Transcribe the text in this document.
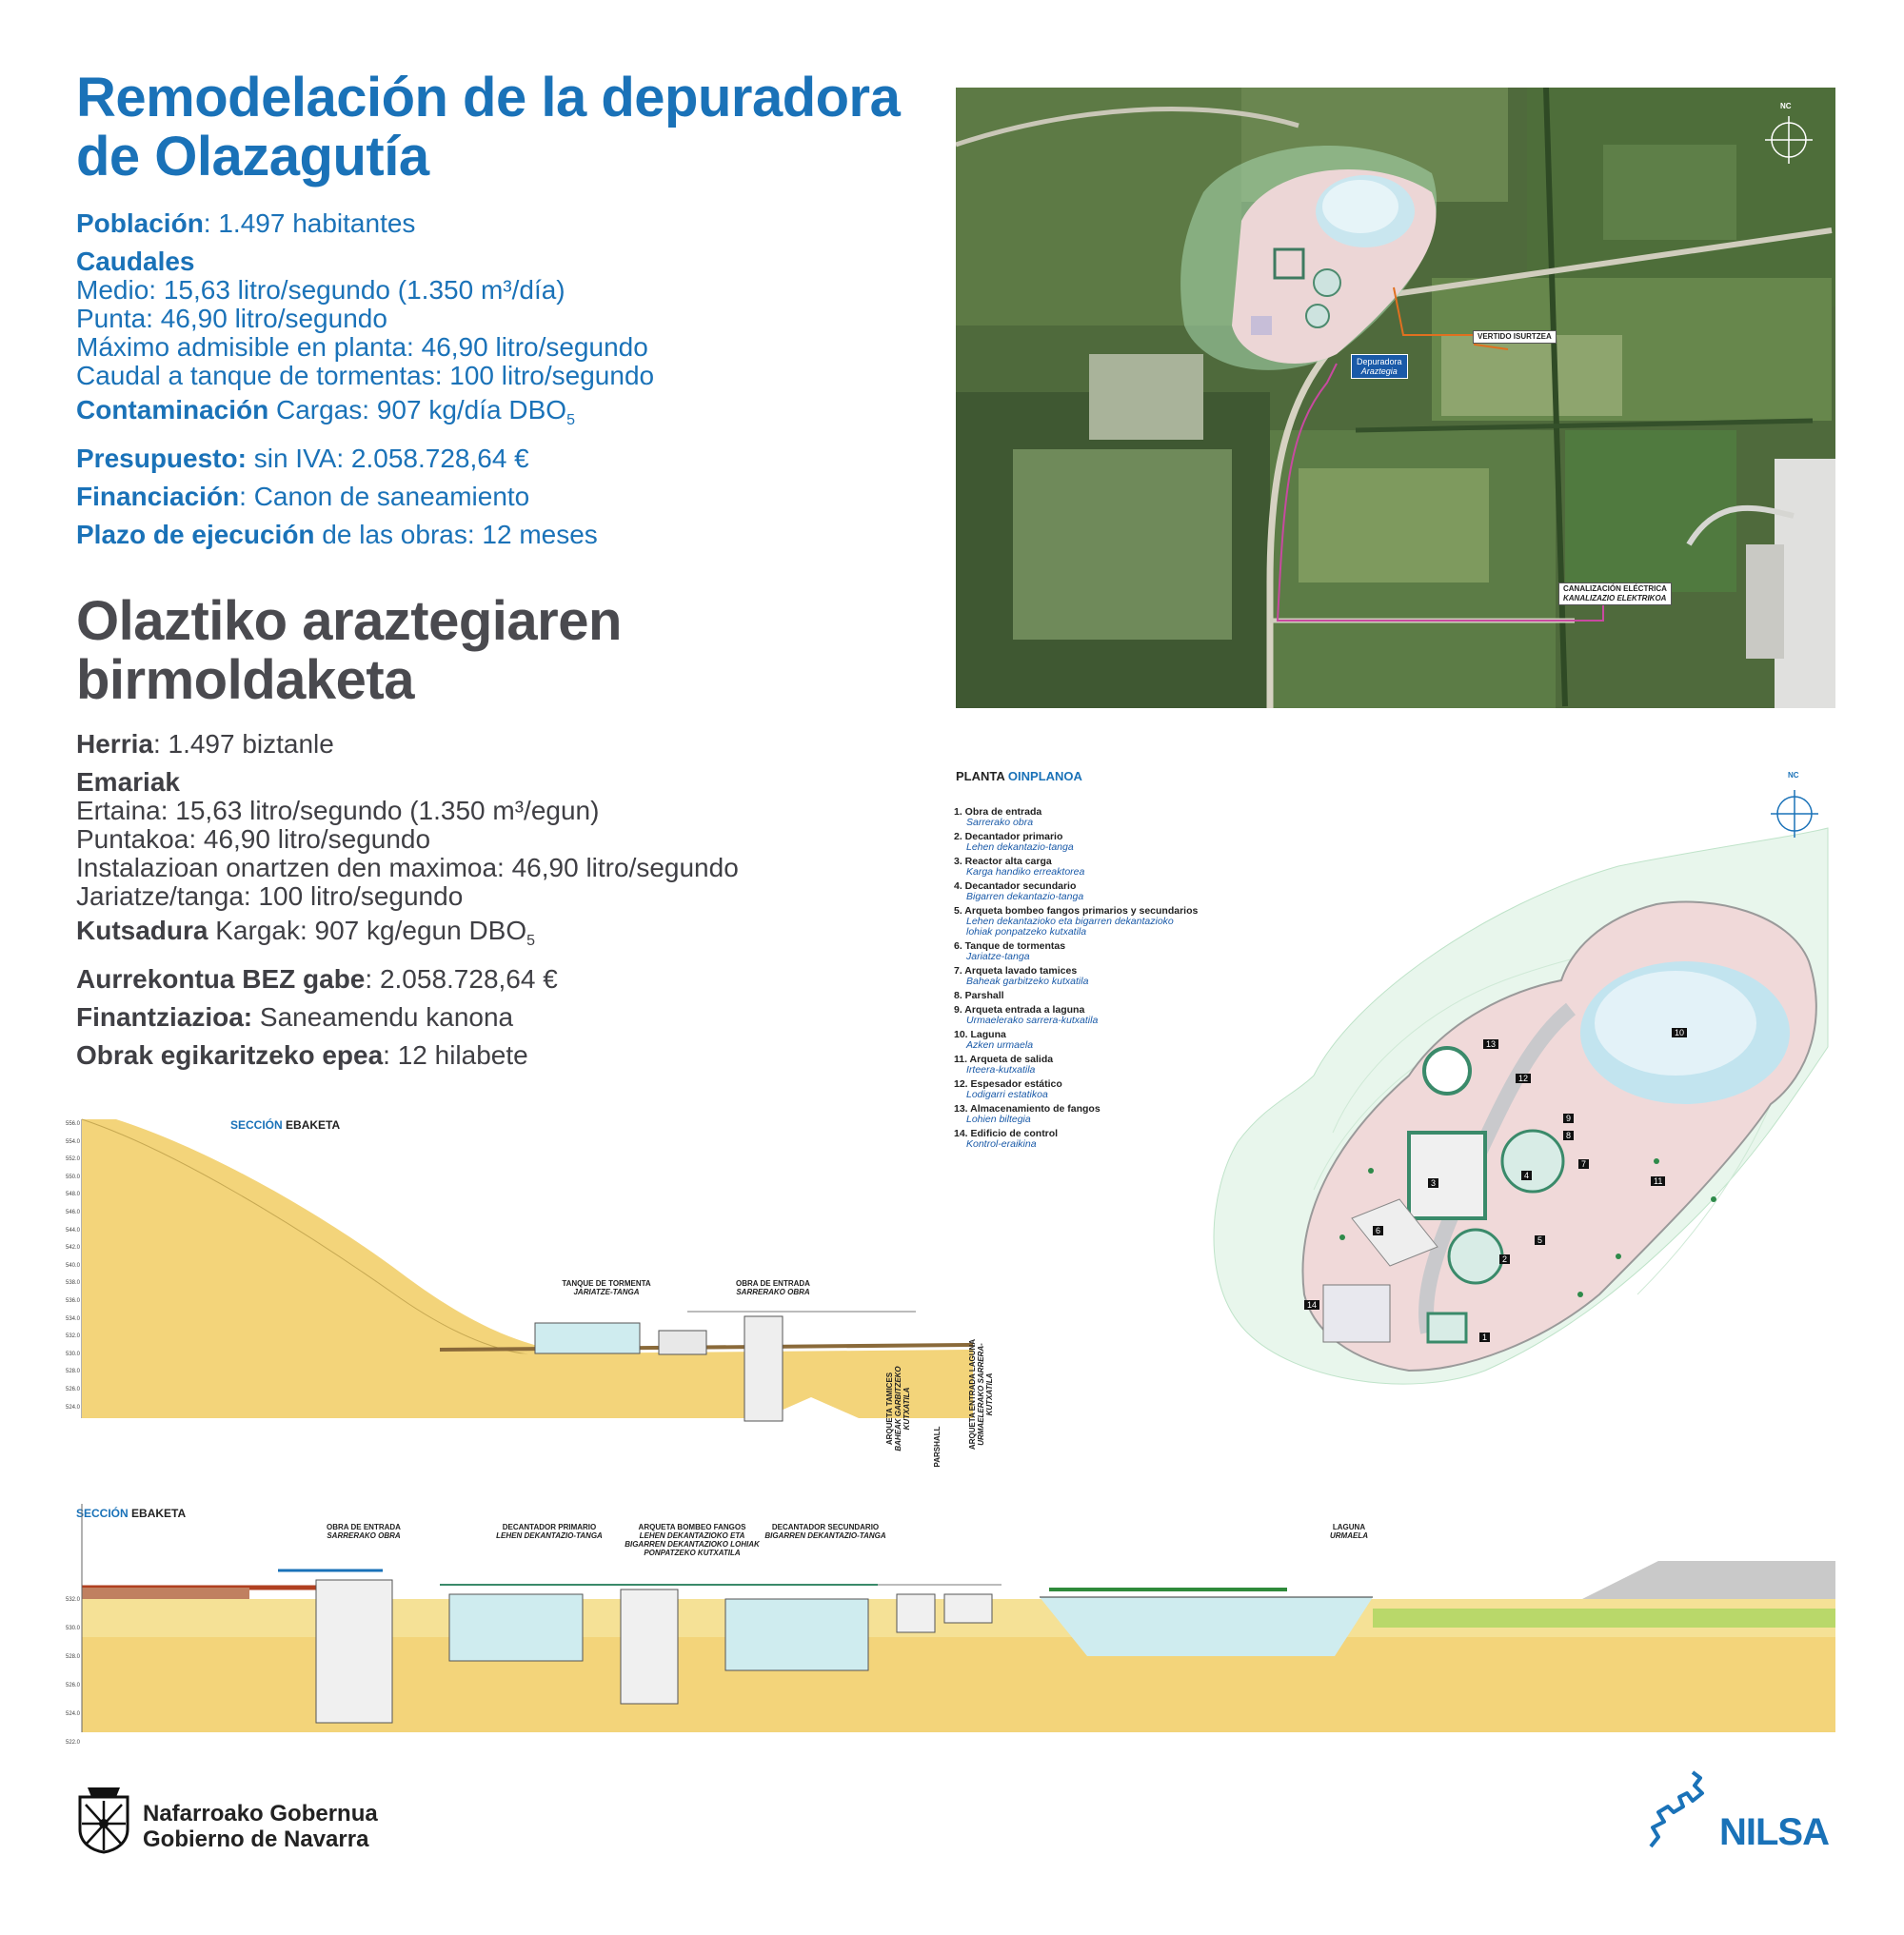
Remodelación de la depuradora de Olazagutía
Población: 1.497 habitantes
Caudales
Medio: 15,63 litro/segundo (1.350 m³/día)
Punta: 46,90 litro/segundo
Máximo admisible en planta: 46,90 litro/segundo
Caudal a tanque de tormentas: 100 litro/segundo
Contaminación Cargas: 907 kg/día $DBO_5$
Presupuesto: sin IVA: 2.058.728,64 €
Financiación: Canon de saneamiento
Plazo de ejecución de las obras: 12 meses
Olaztiko araztegiaren birmoldaketa
Herria: 1.497 biztanle
Emariak
Ertaina: 15,63 litro/segundo (1.350 m³/egun)
Puntakoa: 46,90 litro/segundo
Instalazioan onartzen den maximoa: 46,90 litro/segundo
Jariatze/tanga: 100 litro/segundo
Kutsadura Kargak: 907 kg/egun $DBO_5$
Aurrekontua BEZ gabe: 2.058.728,64 €
Finantziazioa: Saneamendu kanona
Obrak egikaritzeko epea: 12 hilabete
NC
Depuradora
Araztegia
VERTIDO ISURTZEA
CANALIZACIÓN ELÉCTRICA
KANALIZAZIO ELEKTRIKOA
PLANTA OINPLANOA
1. Obra de entrada
Sarrerako obra
2. Decantador primario
Lehen dekantazio-tanga
3. Reactor alta carga
Karga handiko erreaktorea
4. Decantador secundario
Bigarren dekantazio-tanga
5. Arqueta bombeo fangos primarios y secundarios
Lehen dekantazioko eta bigarren dekantazioko lohiak ponpatzeko kutxatila
6. Tanque de tormentas
Jariatze-tanga
7. Arqueta lavado tamices
Baheak garbitzeko kutxatila
8. Parshall
9. Arqueta entrada a laguna
Urmaelerako sarrera-kutxatila
10. Laguna
Azken urmaela
11. Arqueta de salida
Irteera-kutxatila
12. Espesador estático
Lodigarri estatikoa
13. Almacenamiento de fangos
Lohien biltegia
14. Edificio de control
Kontrol-eraikina
NC
1
2
3
4
5
6
7
8
9
10
11
12
13
14
SECCIÓN EBAKETA
TANQUE DE TORMENTA
JARIATZE-TANGA
OBRA DE ENTRADA
SARRERAKO OBRA
556.0
554.0
552.0
550.0
548.0
546.0
544.0
542.0
540.0
538.0
536.0
534.0
532.0
530.0
528.0
526.0
524.0
SECCIÓN EBAKETA
OBRA DE ENTRADA
SARRERAKO OBRA
DECANTADOR PRIMARIO
LEHEN DEKANTAZIO-TANGA
ARQUETA BOMBEO FANGOS
LEHEN DEKANTAZIOKO ETA BIGARREN DEKANTAZIOKO LOHIAK PONPATZEKO KUTXATILA
DECANTADOR SECUNDARIO
BIGARREN DEKANTAZIO-TANGA
LAGUNA
URMAELA
532.0
530.0
528.0
526.0
524.0
522.0
ARQUETA TAMICES BAHEAK GARBITZEKO KUTXATILA
PARSHALL	ARQUETA ENTRADA LAGUNA URMAELERAKO SARRERA-KUTXATILA
Nafarroako Gobernua
Gobierno de Navarra	NILSA
